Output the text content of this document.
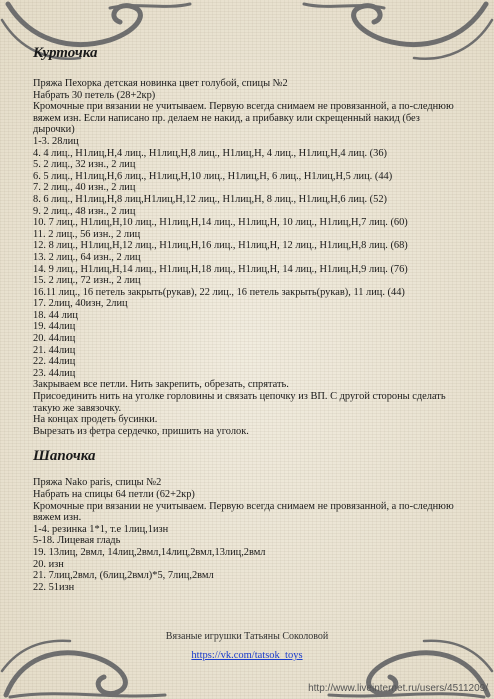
Курточка
Пряжа Пехорка детская новинка цвет голубой, спицы №2
Набрать 30 петель (28+2кр)
Кромочные при вязании не учитываем. Первую всегда снимаем не провязанной, а по-следнюю вяжем изн. Если написано пр. делаем не накид, а прибавку или скрещенный накид (без дырочки)
1-3. 28лиц
4. 4 лиц., Н1лиц,Н,4 лиц., Н1лиц,Н,8 лиц., Н1лиц,Н, 4 лиц., Н1лиц,Н,4 лиц. (36)
5. 2 лиц., 32 изн., 2 лиц
6. 5 лиц., Н1лиц,Н,6 лиц., Н1лиц,Н,10 лиц., Н1лиц,Н, 6 лиц., Н1лиц,Н,5 лиц. (44)
7. 2 лиц., 40 изн., 2 лиц
8. 6 лиц., Н1лиц,Н,8 лиц,Н1лиц,Н,12 лиц., Н1лиц,Н, 8 лиц., Н1лиц,Н,6 лиц. (52)
9. 2 лиц., 48 изн., 2 лиц
10. 7 лиц., Н1лиц,Н,10 лиц., Н1лиц,Н,14 лиц., Н1лиц,Н, 10 лиц., Н1лиц,Н,7 лиц. (60)
11. 2 лиц., 56 изн., 2 лиц
12. 8 лиц., Н1лиц,Н,12 лиц., Н1лиц,Н,16 лиц., Н1лиц,Н, 12 лиц., Н1лиц,Н,8 лиц. (68)
13. 2 лиц., 64 изн., 2 лиц
14. 9 лиц., Н1лиц,Н,14 лиц., Н1лиц,Н,18 лиц., Н1лиц,Н, 14 лиц., Н1лиц,Н,9 лиц. (76)
15. 2 лиц., 72 изн., 2 лиц
16.11 лиц., 16 петель закрыть(рукав), 22 лиц., 16 петель закрыть(рукав), 11 лиц. (44)
17. 2лиц, 40изн, 2лиц
18. 44 лиц
19. 44лиц
20. 44лиц
21. 44лиц
22. 44лиц
23. 44лиц
Закрываем все петли. Нить закрепить, обрезать, спрятать.
Присоединить нить на уголке горловины и связать цепочку из ВП. С другой стороны сделать такую же завязочку.
На концах продеть бусинки.
Вырезать из фетра сердечко, пришить на уголок.
Шапочка
Пряжа Nako paris, спицы №2
Набрать на спицы 64 петли (62+2кр)
Кромочные при вязании не учитываем. Первую всегда снимаем не провязанной, а по-следнюю вяжем изн.
1-4. резинка 1*1, т.е 1лиц,1изн
5-18. Лицевая гладь
19. 13лиц, 2вмл, 14лиц,2вмл,14лиц,2вмл,13лиц,2вмл
20. изн
21. 7лиц,2вмл, (6лиц,2вмл)*5, 7лиц,2вмл
22. 51изн
Вязаные игрушки Татьяны Соколовой
https://vk.com/tatsok_toys
http://www.liveinternet.ru/users/4511209/
